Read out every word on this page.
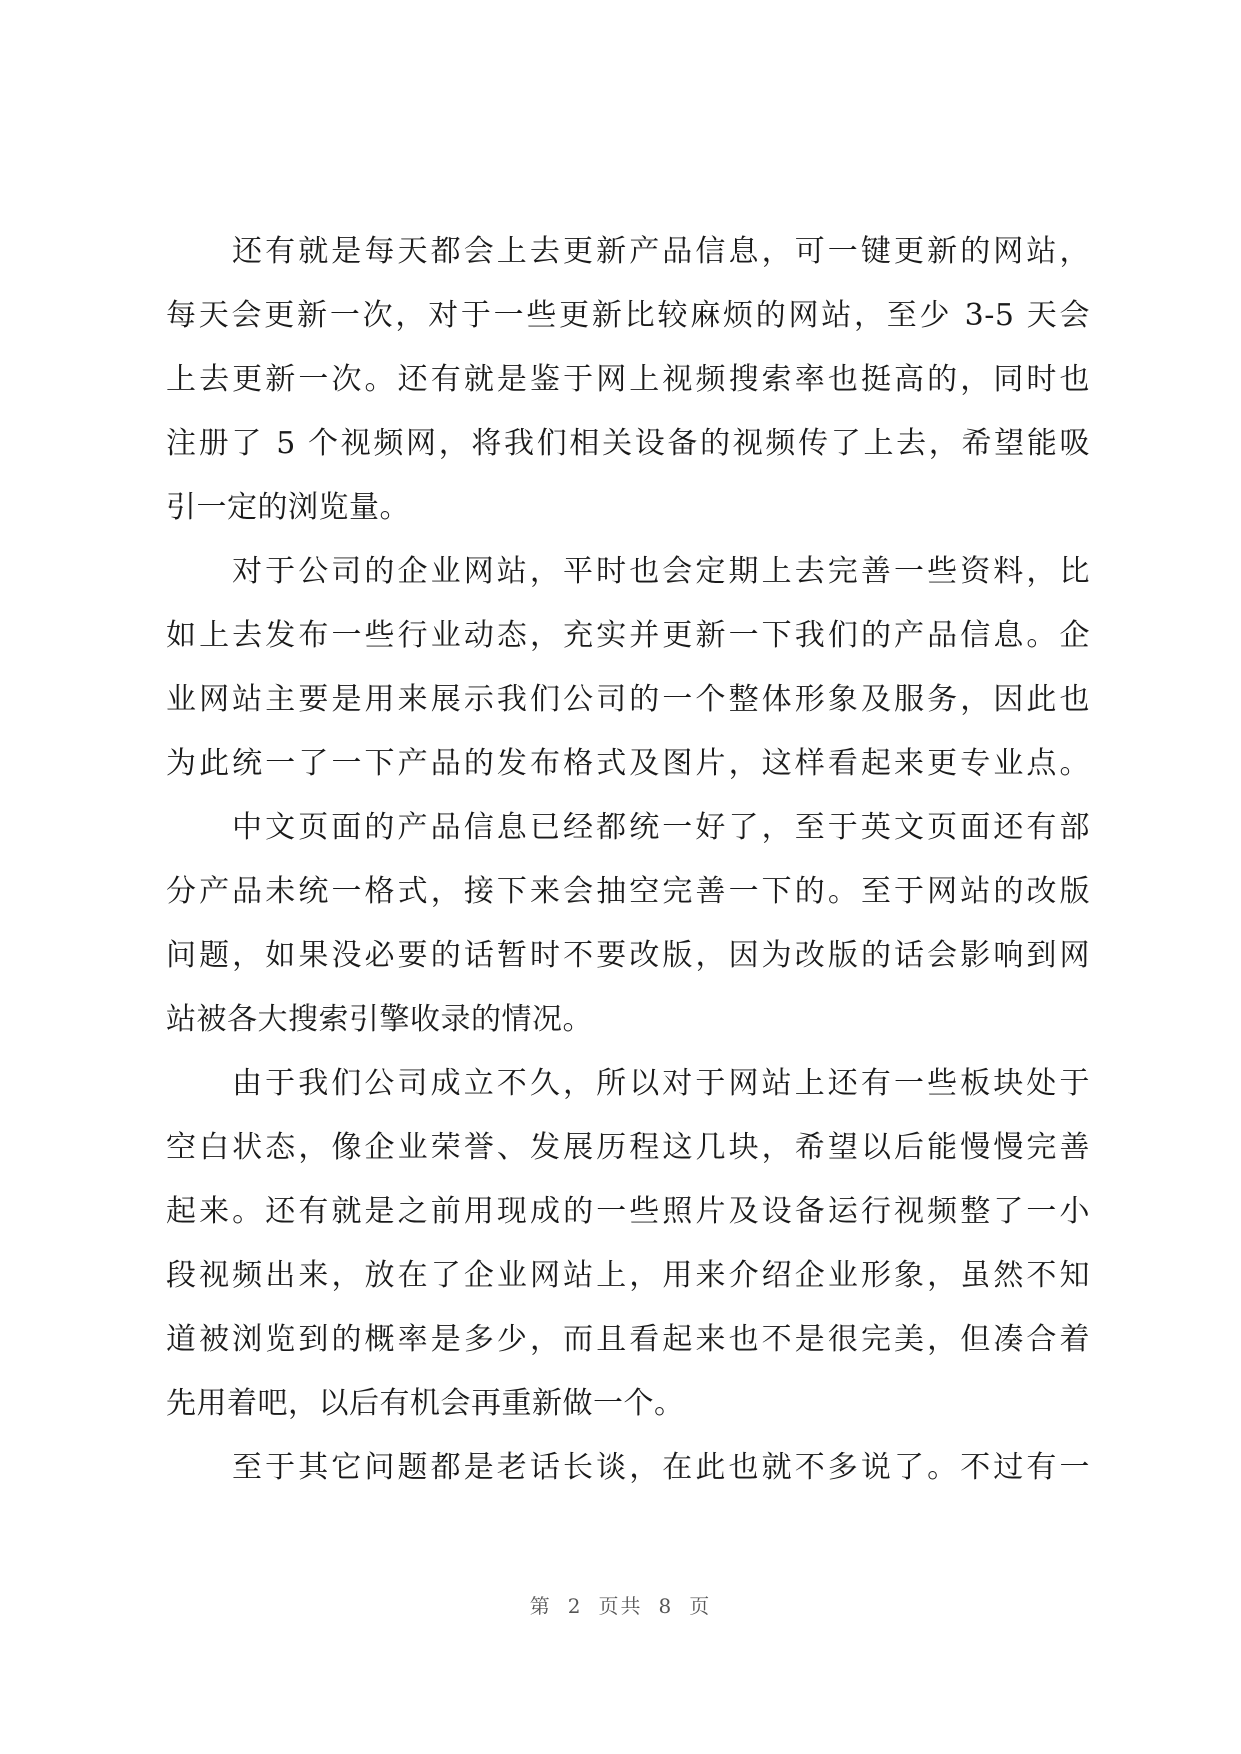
还有就是每天都会上去更新产品信息，可一键更新的网站，
每天会更新一次，对于一些更新比较麻烦的网站，至少 3-5 天会
上去更新一次。还有就是鉴于网上视频搜索率也挺高的，同时也
注册了 5 个视频网，将我们相关设备的视频传了上去，希望能吸
引一定的浏览量。
对于公司的企业网站，平时也会定期上去完善一些资料，比
如上去发布一些行业动态，充实并更新一下我们的产品信息。企
业网站主要是用来展示我们公司的一个整体形象及服务，因此也
为此统一了一下产品的发布格式及图片，这样看起来更专业点。
中文页面的产品信息已经都统一好了，至于英文页面还有部
分产品未统一格式，接下来会抽空完善一下的。至于网站的改版
问题，如果没必要的话暂时不要改版，因为改版的话会影响到网
站被各大搜索引擎收录的情况。
由于我们公司成立不久，所以对于网站上还有一些板块处于
空白状态，像企业荣誉、发展历程这几块，希望以后能慢慢完善
起来。还有就是之前用现成的一些照片及设备运行视频整了一小
段视频出来，放在了企业网站上，用来介绍企业形象，虽然不知
道被浏览到的概率是多少，而且看起来也不是很完美，但凑合着
先用着吧，以后有机会再重新做一个。
至于其它问题都是老话长谈，在此也就不多说了。不过有一
第 2 页共 8 页
